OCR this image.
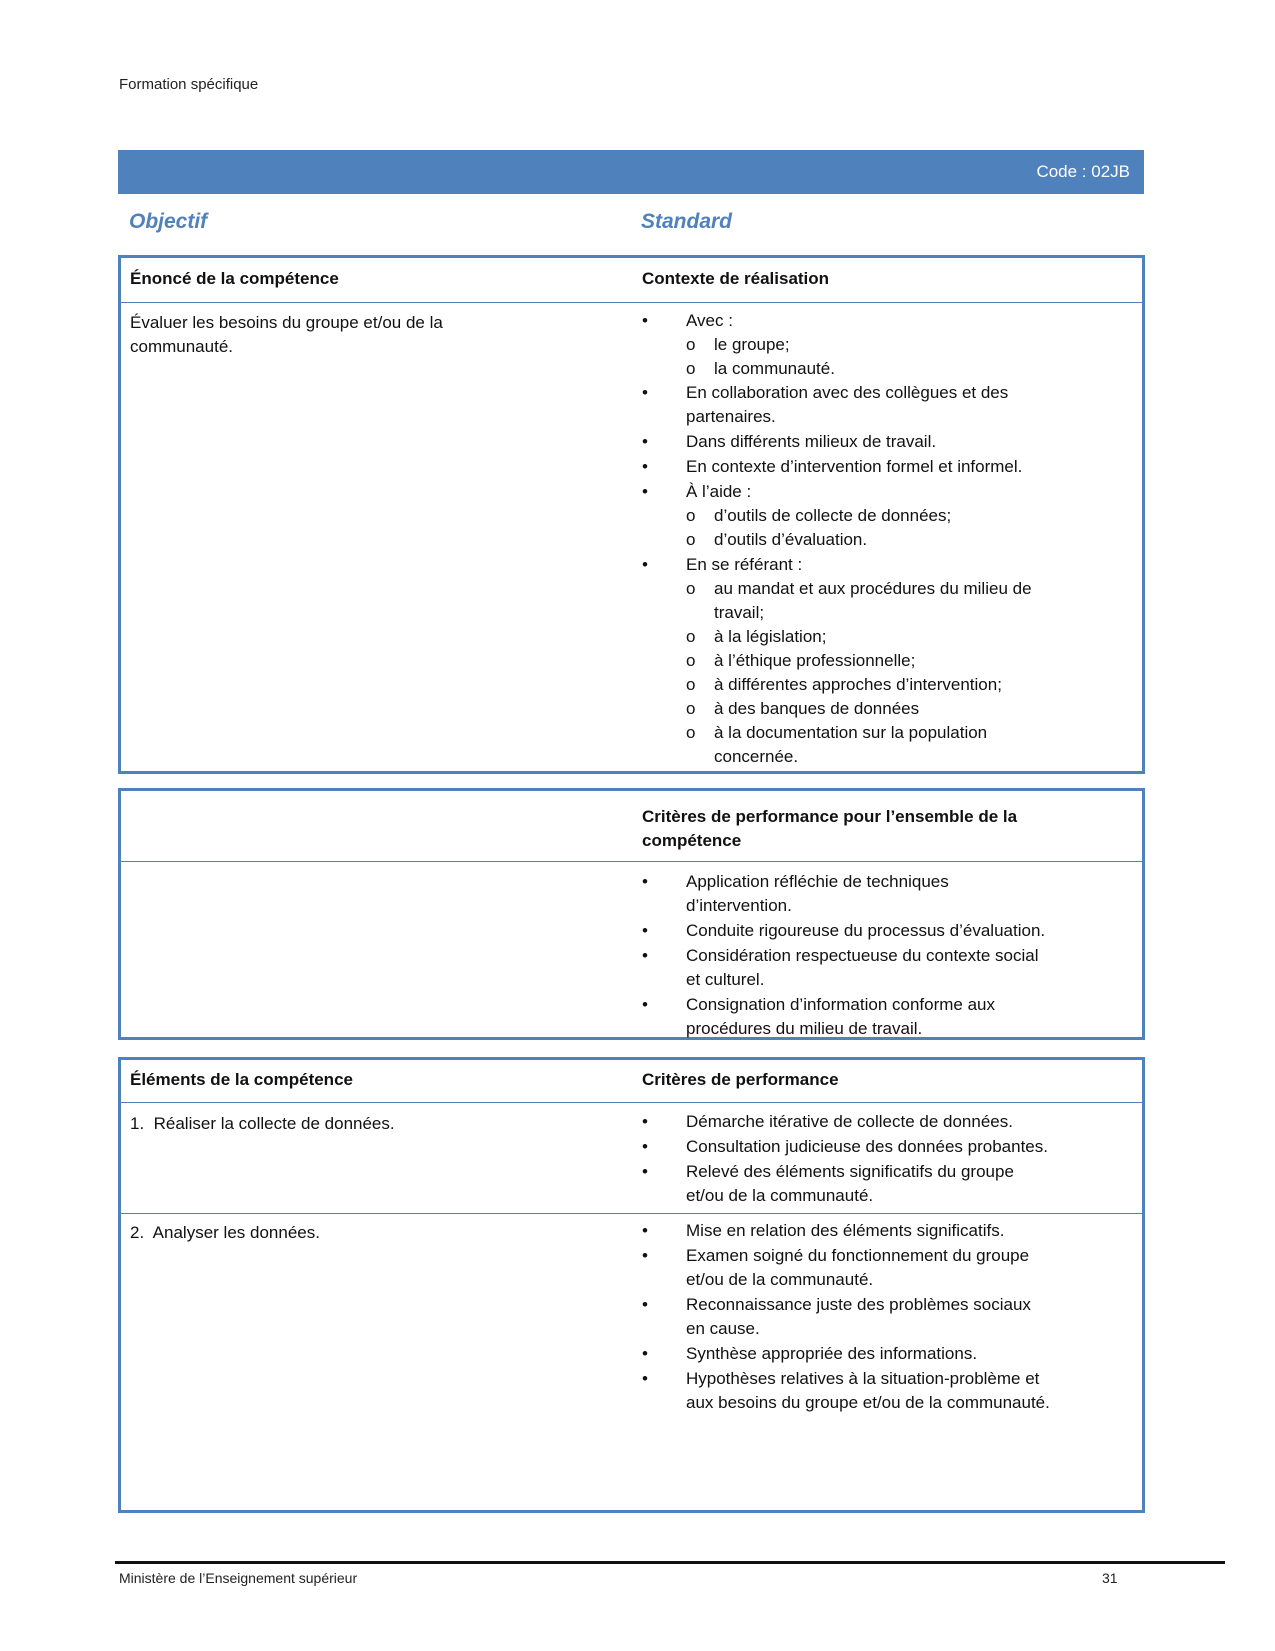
Formation spécifique
Code : 02JB
Objectif	Standard
Énoncé de la compétence	Contexte de réalisation
Évaluer les besoins du groupe et/ou de la
communauté.
•	Avec :
o le groupe;
o la communauté.
•	En collaboration avec des collègues et des
partenaires.
•	Dans différents milieux de travail.
•	En contexte d’intervention formel et informel.
•	À l’aide :
o d’outils de collecte de données;
o d’outils d’évaluation.
•	En se référant :
o au mandat et aux procédures du milieu de
travail;
o à la législation;
o à l’éthique professionnelle;
o à différentes approches d’intervention;
o à des banques de données
o à la documentation sur la population
concernée.
Critères de performance pour l’ensemble de la
compétence
•	Application réfléchie de techniques
d’intervention.
•	Conduite rigoureuse du processus d’évaluation.
•	Considération respectueuse du contexte social
et culturel.
•	Consignation d’information conforme aux
procédures du milieu de travail.
Éléments de la compétence	Critères de performance
1.  Réaliser la collecte de données.	•	Démarche itérative de collecte de données.
•	Consultation judicieuse des données probantes.
•	Relevé des éléments significatifs du groupe
et/ou de la communauté.
2.  Analyser les données.	•	Mise en relation des éléments significatifs.
•	Examen soigné du fonctionnement du groupe
et/ou de la communauté.
•	Reconnaissance juste des problèmes sociaux
en cause.
•	Synthèse appropriée des informations.
•	Hypothèses relatives à la situation-problème et
aux besoins du groupe et/ou de la communauté.
Ministère de l’Enseignement supérieur	31
